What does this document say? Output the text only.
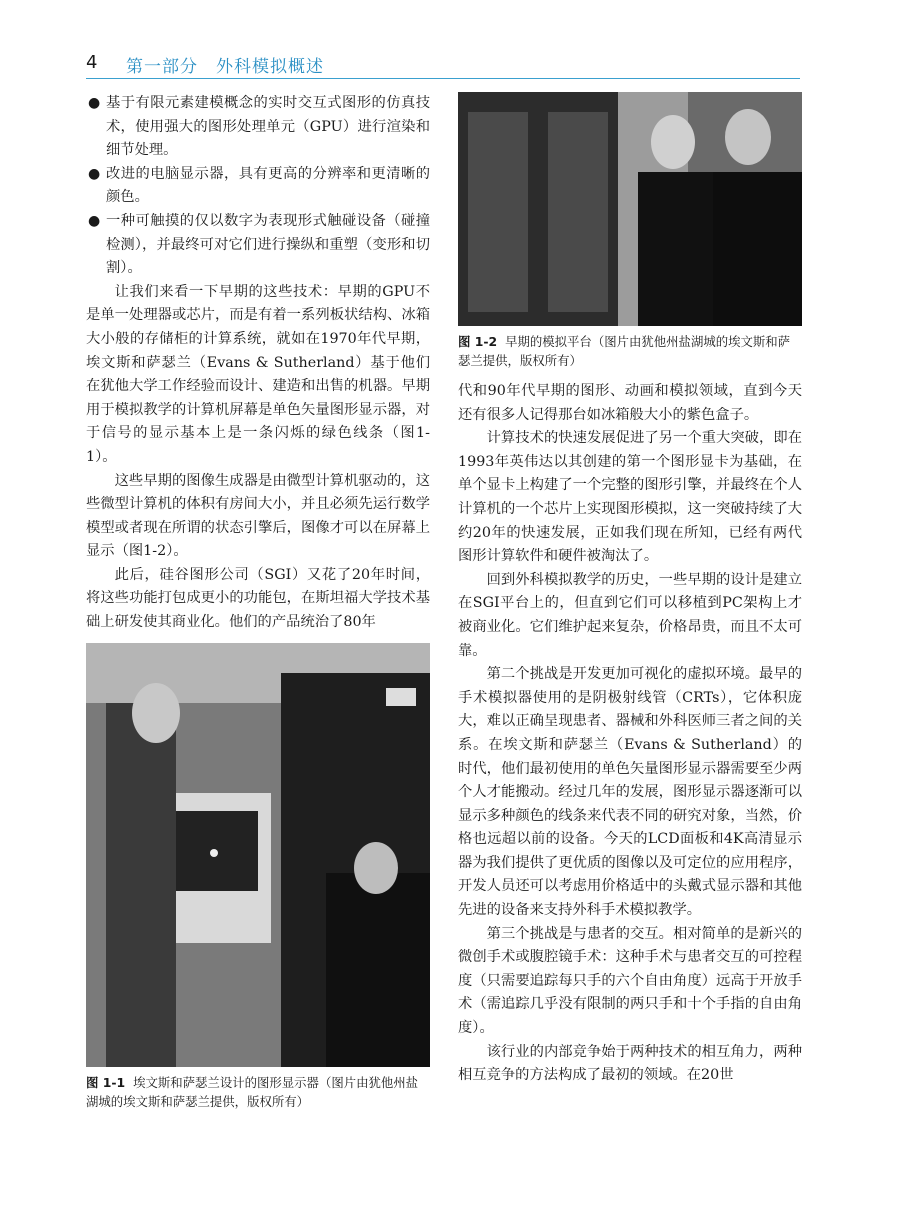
4 第一部分　外科模拟概述
● 基于有限元素建模概念的实时交互式图形的仿真技术，使用强大的图形处理单元（GPU）进行渲染和细节处理。
● 改进的电脑显示器，具有更高的分辨率和更清晰的颜色。
● 一种可触摸的仅以数字为表现形式触碰设备（碰撞检测），并最终可对它们进行操纵和重塑（变形和切割）。

让我们来看一下早期的这些技术：早期的GPU不是单一处理器或芯片，而是有着一系列板状结构、冰箱大小般的存储柜的计算系统，就如在1970年代早期，埃文斯和萨瑟兰（Evans & Sutherland）基于他们在犹他大学工作经验而设计、建造和出售的机器。早期用于模拟教学的计算机屏幕是单色矢量图形显示器，对于信号的显示基本上是一条闪烁的绿色线条（图1-1）。

这些早期的图像生成器是由微型计算机驱动的，这些微型计算机的体积有房间大小，并且必须先运行数学模型或者现在所谓的状态引擎后，图像才可以在屏幕上显示（图1-2）。

此后，硅谷图形公司（SGI）又花了20年时间，将这些功能打包成更小的功能包，在斯坦福大学技术基础上研发使其商业化。他们的产品统治了80年

图 1-1 埃文斯和萨瑟兰设计的图形显示器（图片由犹他州盐湖城的埃文斯和萨瑟兰提供，版权所有）

图 1-2 早期的模拟平台（图片由犹他州盐湖城的埃文斯和萨瑟兰提供，版权所有）

代和90年代早期的图形、动画和模拟领域，直到今天还有很多人记得那台如冰箱般大小的紫色盒子。

计算技术的快速发展促进了另一个重大突破，即在1993年英伟达以其创建的第一个图形显卡为基础，在单个显卡上构建了一个完整的图形引擎，并最终在个人计算机的一个芯片上实现图形模拟，这一突破持续了大约20年的快速发展，正如我们现在所知，已经有两代图形计算软件和硬件被淘汰了。

回到外科模拟教学的历史，一些早期的设计是建立在SGI平台上的，但直到它们可以移植到PC架构上才被商业化。它们维护起来复杂，价格昂贵，而且不太可靠。

第二个挑战是开发更加可视化的虚拟环境。最早的手术模拟器使用的是阴极射线管（CRTs），它体积庞大，难以正确呈现患者、器械和外科医师三者之间的关系。在埃文斯和萨瑟兰（Evans & Sutherland）的时代，他们最初使用的单色矢量图形显示器需要至少两个人才能搬动。经过几年的发展，图形显示器逐渐可以显示多种颜色的线条来代表不同的研究对象，当然，价格也远超以前的设备。今天的LCD面板和4K高清显示器为我们提供了更优质的图像以及可定位的应用程序，开发人员还可以考虑用价格适中的头戴式显示器和其他先进的设备来支持外科手术模拟教学。

第三个挑战是与患者的交互。相对简单的是新兴的微创手术或腹腔镜手术：这种手术与患者交互的可控程度（只需要追踪每只手的六个自由角度）远高于开放手术（需追踪几乎没有限制的两只手和十个手指的自由角度）。

该行业的内部竞争始于两种技术的相互角力，两种相互竞争的方法构成了最初的领域。在20世
